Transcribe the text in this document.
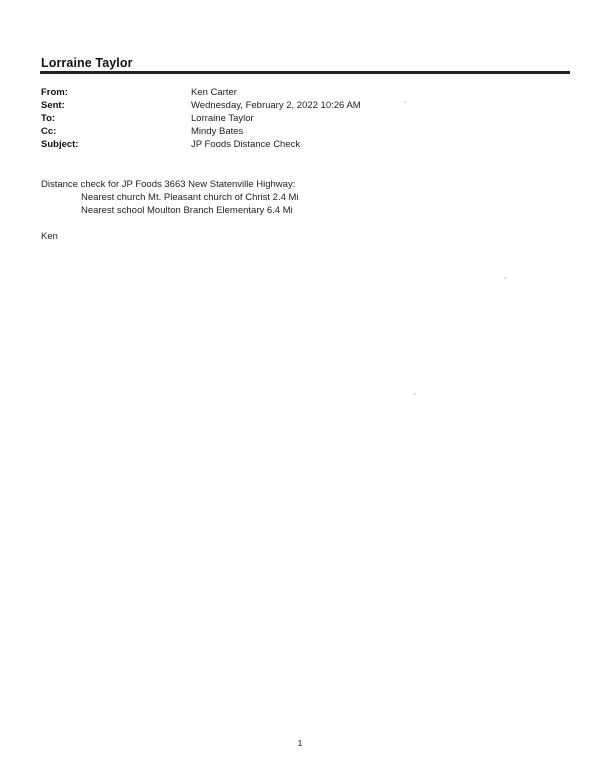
Lorraine Taylor
From:	Ken Carter
Sent:	Wednesday, February 2, 2022 10:26 AM
To:	Lorraine Taylor
Cc:	Mindy Bates
Subject:	JP Foods Distance Check
Distance check for JP Foods 3663 New Statenville Highway:
Nearest church Mt. Pleasant church of Christ 2.4 Mi
Nearest school Moulton Branch Elementary 6.4 Mi
Ken
1
